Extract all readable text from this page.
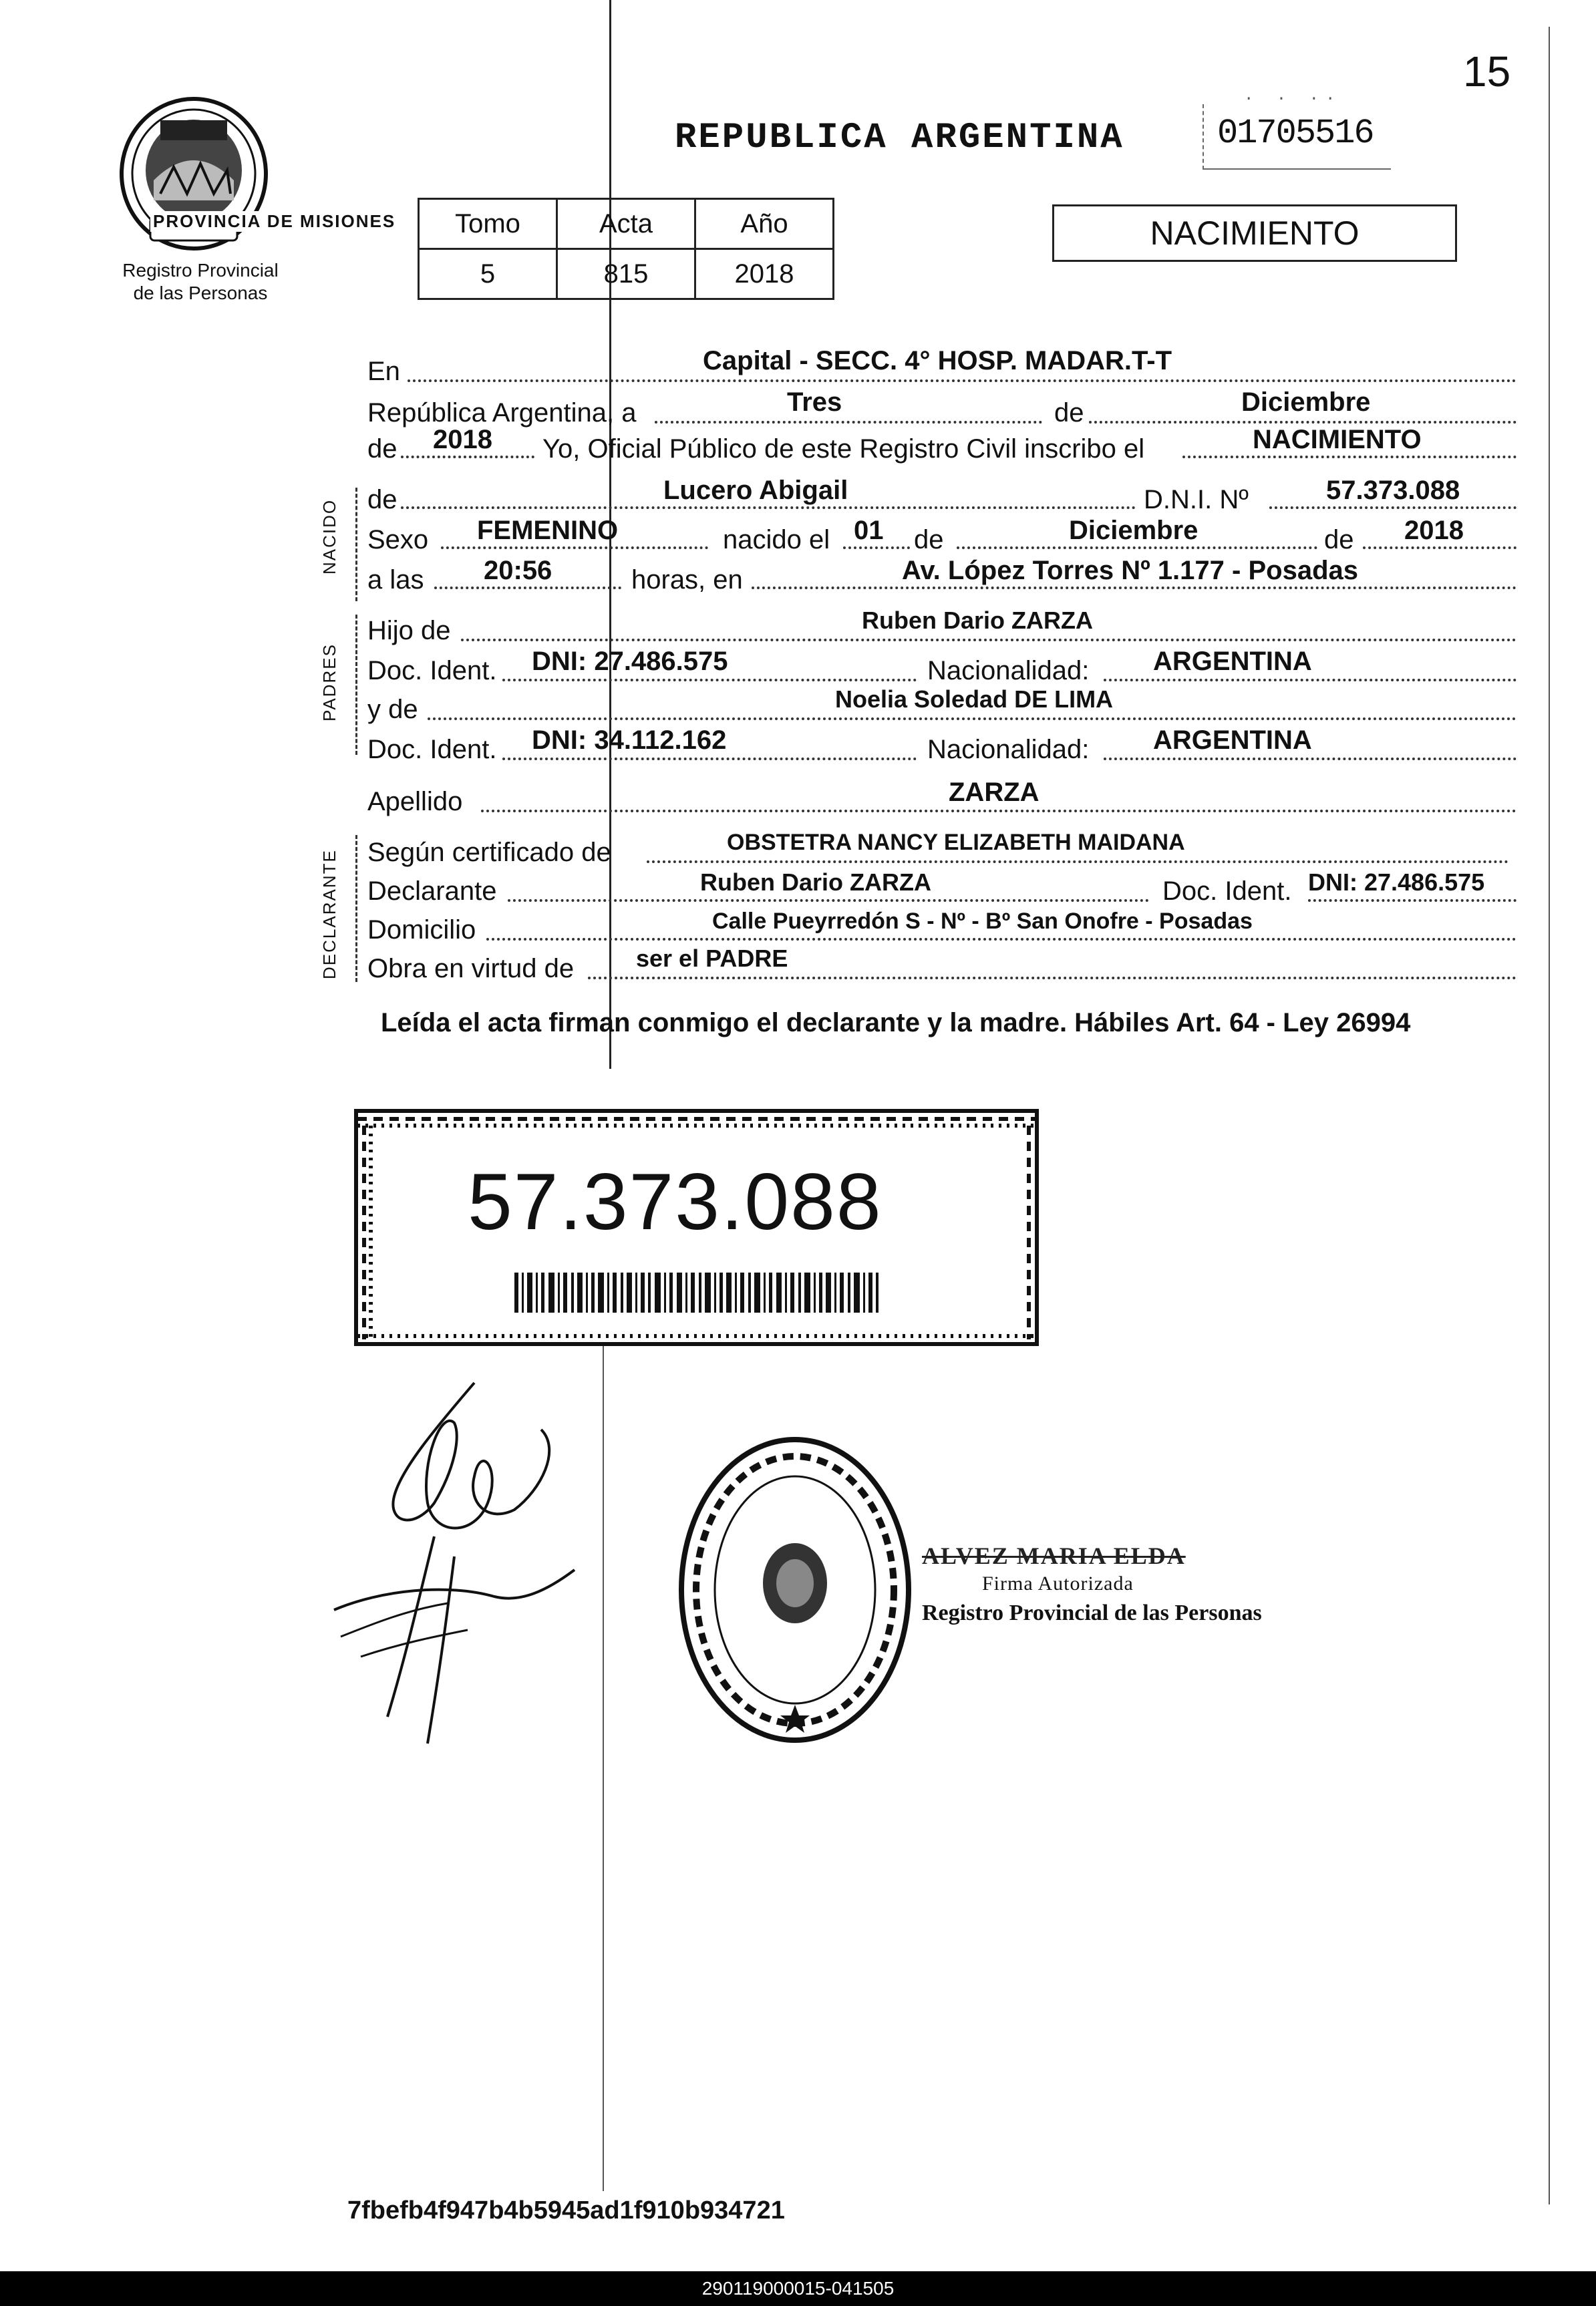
15
PROVINCIA DE MISIONES
Registro Provincial
de las Personas
REPUBLICA ARGENTINA
. . ..
01705516
Tomo	Acta	Año
5	815	2018
NACIMIENTO
NACIDO
PADRES
DECLARANTE
En	Capital - SECC. 4° HOSP. MADAR.T-T
República Argentina, a	Tres	de	Diciembre
de 2018 Yo, Oficial Público de este Registro Civil inscribo el	NACIMIENTO
de	Lucero Abigail	D.N.I. Nº	57.373.088
Sexo FEMENINO	nacido el 01 de	Diciembre	de 2018
a las 20:56	horas, en	Av. López Torres Nº 1.177 - Posadas
Hijo de	Ruben Dario ZARZA
Doc. Ident. DNI: 27.486.575	Nacionalidad: ARGENTINA
y de	Noelia Soledad DE LIMA
Doc. Ident. DNI: 34.112.162	Nacionalidad: ARGENTINA
Apellido	ZARZA
Según certificado de	OBSTETRA NANCY ELIZABETH MAIDANA
Declarante	Ruben Dario ZARZA	Doc. Ident. DNI: 27.486.575
Domicilio	Calle Pueyrredón S - Nº - Bº San Onofre - Posadas
Obra en virtud de	ser el PADRE
Leída el acta firman conmigo el declarante y la madre. Hábiles Art. 64 - Ley 26994
57.373.088
ALVEZ MARIA ELDA
Firma Autorizada
Registro Provincial de las Personas
7fbefb4f947b4b5945ad1f910b934721
290119000015-041505
